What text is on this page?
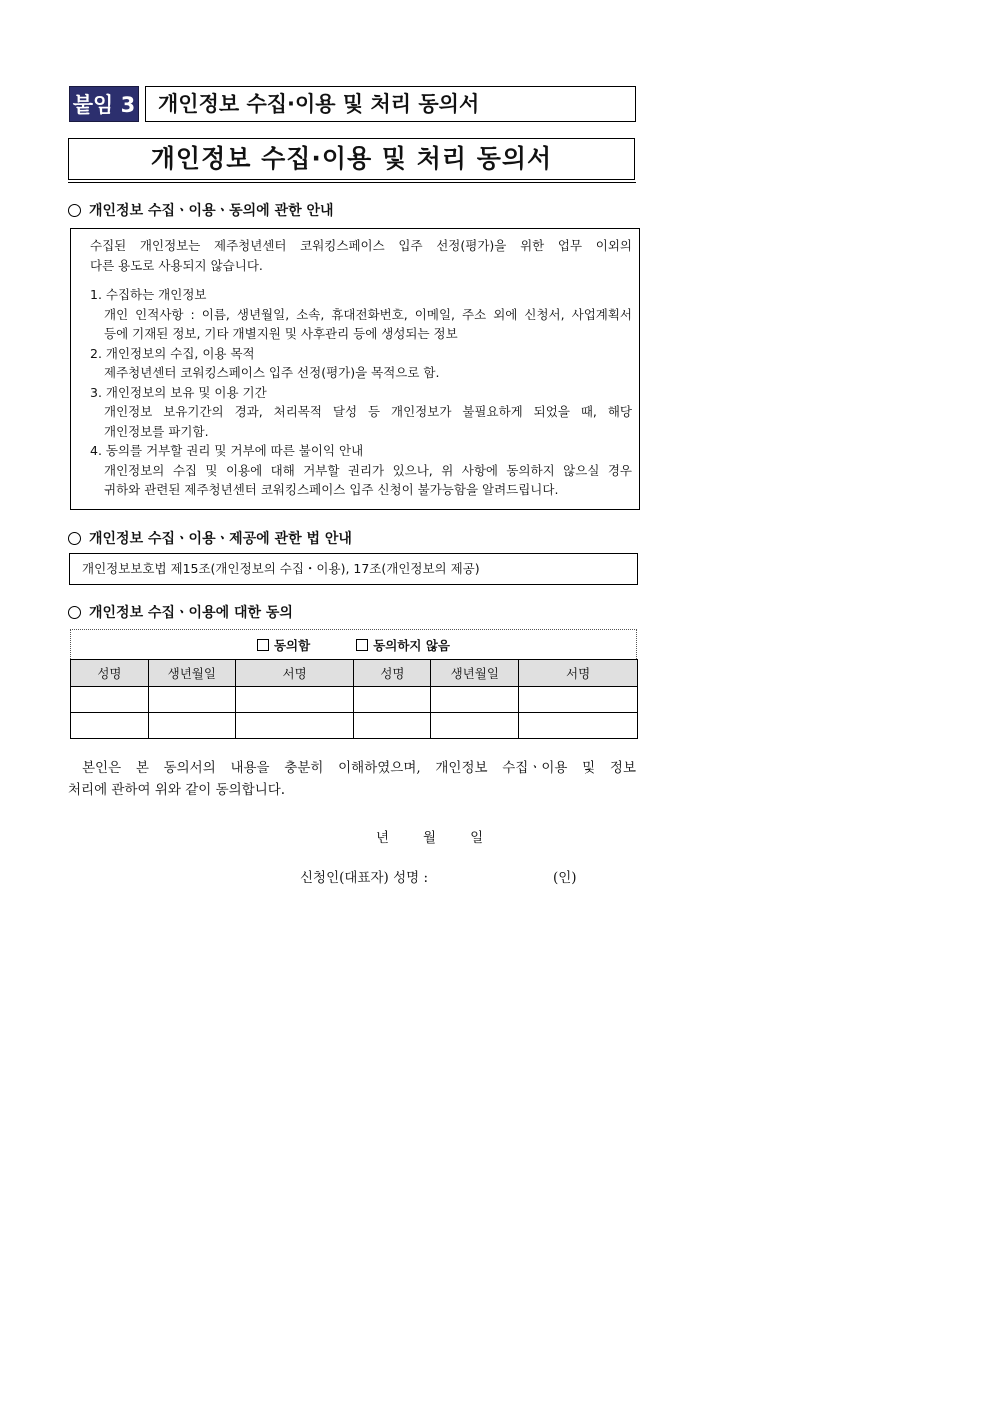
붙임 3	개인정보 수집·이용 및 처리 동의서
개인정보 수집·이용 및 처리 동의서
개인정보 수집ㆍ이용ㆍ동의에 관한 안내

수집된 개인정보는 제주청년센터 코워킹스페이스 입주 선정(평가)을 위한 업무 이외의

다른 용도로 사용되지 않습니다.

1. 수집하는 개인정보

개인 인적사항 : 이름, 생년월일, 소속, 휴대전화번호, 이메일, 주소 외에 신청서, 사업계획서

등에 기재된 정보, 기타 개별지원 및 사후관리 등에 생성되는 정보

2. 개인정보의 수집, 이용 목적

제주청년센터 코워킹스페이스 입주 선정(평가)을 목적으로 함.

3. 개인정보의 보유 및 이용 기간

개인정보 보유기간의 경과, 처리목적 달성 등 개인정보가 불필요하게 되었을 때, 해당

개인정보를 파기함.

4. 동의를 거부할 권리 및 거부에 따른 불이익 안내

개인정보의 수집 및 이용에 대해 거부할 권리가 있으나, 위 사항에 동의하지 않으실 경우

귀하와 관련된 제주청년센터 코워킹스페이스 입주 신청이 불가능함을 알려드립니다.

개인정보 수집ㆍ이용ㆍ제공에 관한 법 안내
개인정보보호법 제15조(개인정보의 수집・이용), 17조(개인정보의 제공)
개인정보 수집ㆍ이용에 대한 동의
동의함	동의하지 않음
성명	생년월일	서명	성명	생년월일	서명

본인은 본 동의서의 내용을 충분히 이해하였으며, 개인정보 수집ㆍ이용 및 정보

처리에 관하여 위와 같이 동의합니다.

년	월	일
신청인(대표자) 성명 :	(인)
